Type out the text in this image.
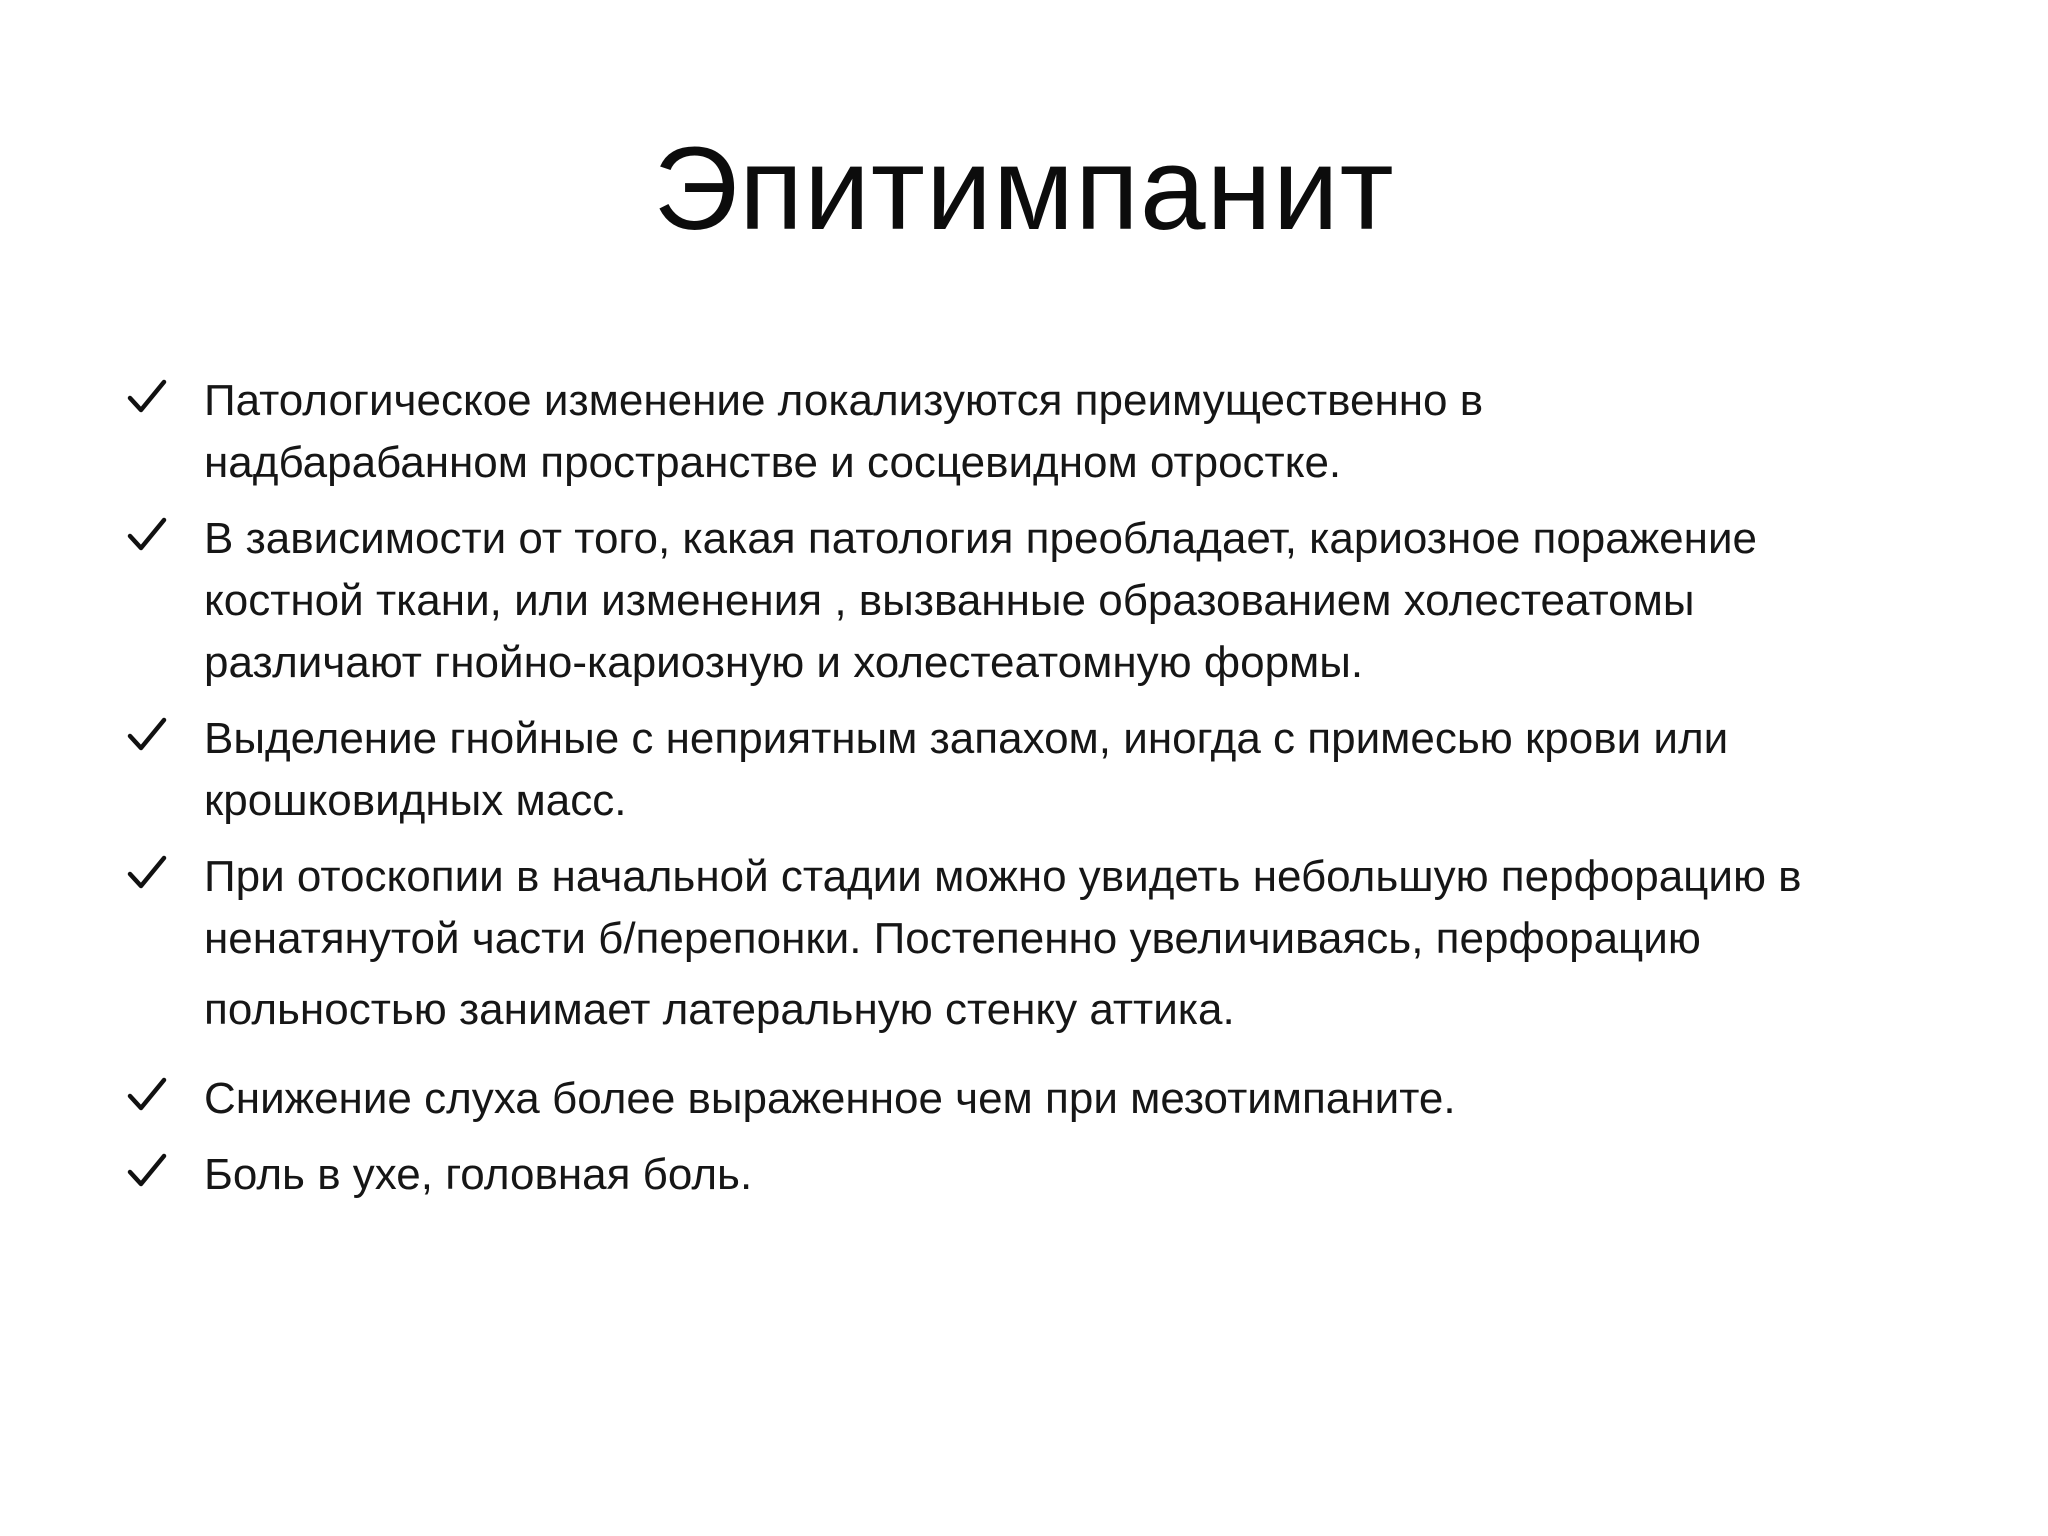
Эпитимпанит
Патологическое изменение локализуются преимущественно в
надбарабанном пространстве и сосцевидном отростке.
В зависимости от того, какая патология преобладает, кариозное поражение
костной ткани, или изменения , вызванные образованием холестеатомы
различают гнойно-кариозную и холестеатомную формы.
Выделение гнойные с неприятным запахом, иногда с примесью крови или
крошковидных масс.
При отоскопии в начальной стадии можно увидеть небольшую перфорацию в
ненатянутой части б/перепонки. Постепенно увеличиваясь, перфорацию
польностью занимает латеральную стенку аттика.
Снижение слуха более выраженное чем при мезотимпаните.
Боль в ухе, головная боль.
